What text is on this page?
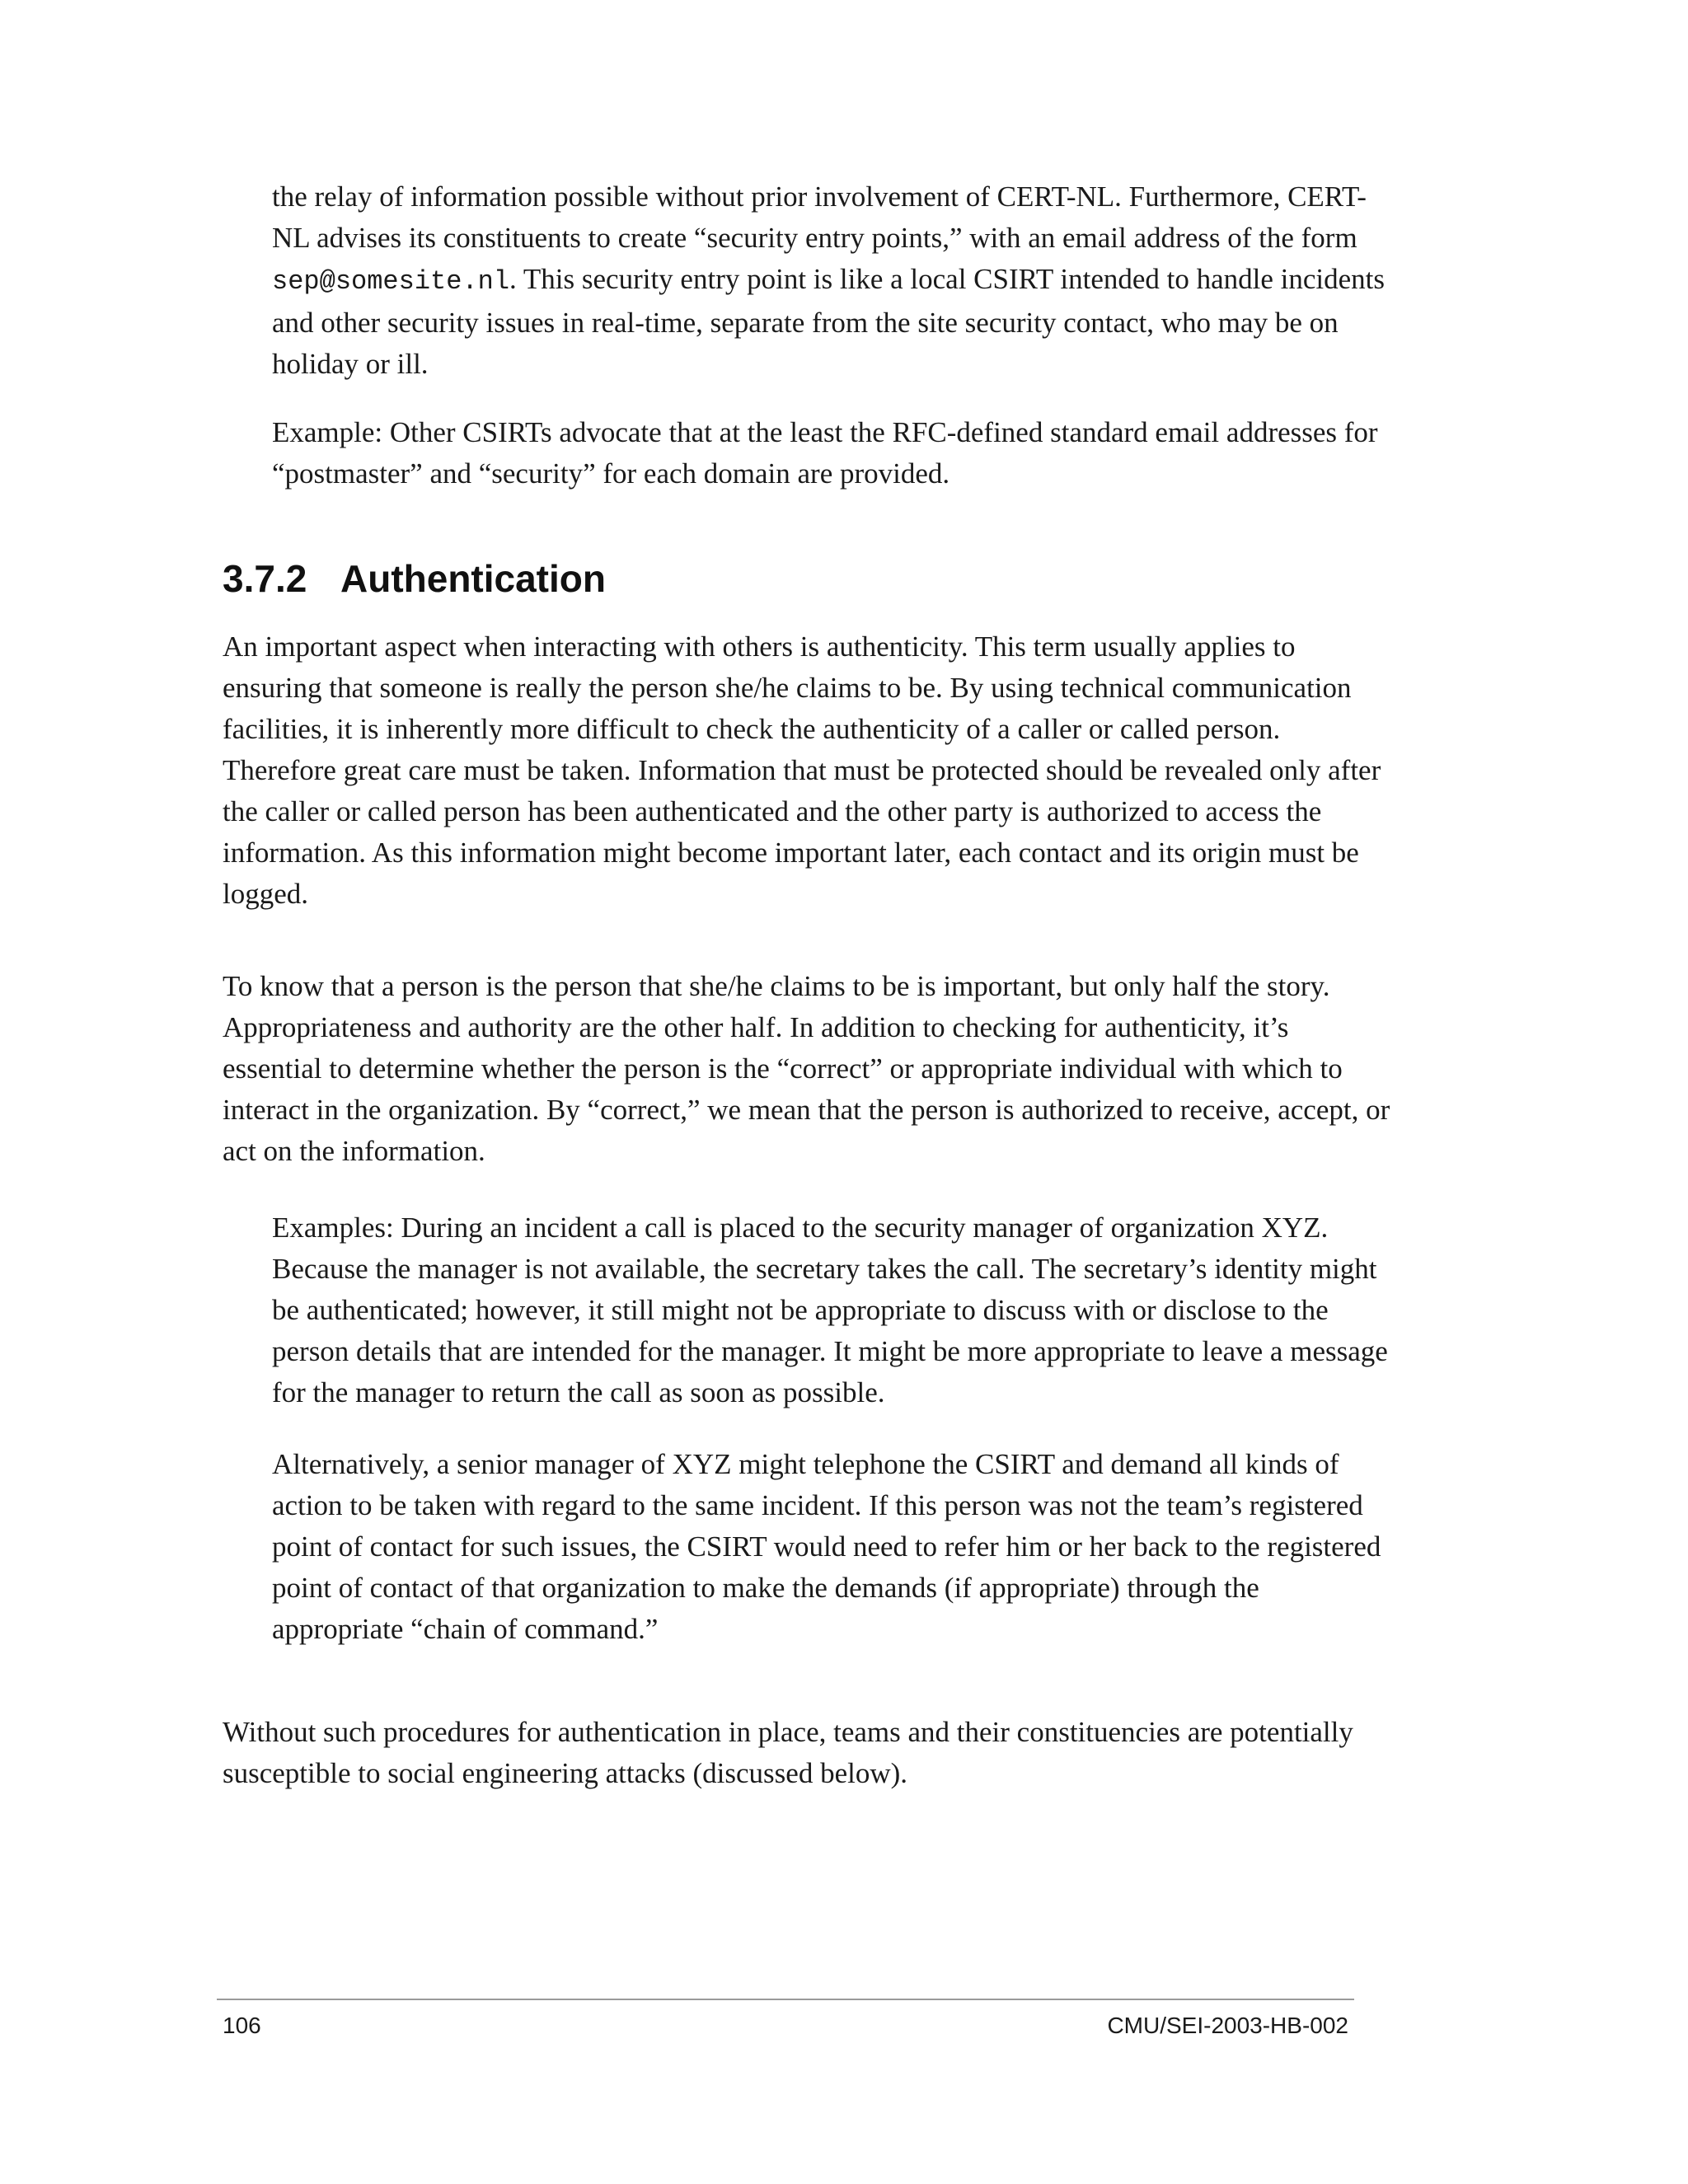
the relay of information possible without prior involvement of CERT-NL. Furthermore, CERT-NL advises its constituents to create “security entry points,” with an email address of the form sep@somesite.nl. This security entry point is like a local CSIRT intended to handle incidents and other security issues in real-time, separate from the site security contact, who may be on holiday or ill.

Example: Other CSIRTs advocate that at the least the RFC-defined standard email addresses for “postmaster” and “security” for each domain are provided.

3.7.2 Authentication

An important aspect when interacting with others is authenticity. This term usually applies to ensuring that someone is really the person she/he claims to be. By using technical communication facilities, it is inherently more difficult to check the authenticity of a caller or called person. Therefore great care must be taken. Information that must be protected should be revealed only after the caller or called person has been authenticated and the other party is authorized to access the information. As this information might become important later, each contact and its origin must be logged.

To know that a person is the person that she/he claims to be is important, but only half the story. Appropriateness and authority are the other half. In addition to checking for authenticity, it’s essential to determine whether the person is the “correct” or appropriate individual with which to interact in the organization. By “correct,” we mean that the person is authorized to receive, accept, or act on the information.

Examples: During an incident a call is placed to the security manager of organization XYZ. Because the manager is not available, the secretary takes the call. The secretary’s identity might be authenticated; however, it still might not be appropriate to discuss with or disclose to the person details that are intended for the manager. It might be more appropriate to leave a message for the manager to return the call as soon as possible.

Alternatively, a senior manager of XYZ might telephone the CSIRT and demand all kinds of action to be taken with regard to the same incident. If this person was not the team’s registered point of contact for such issues, the CSIRT would need to refer him or her back to the registered point of contact of that organization to make the demands (if appropriate) through the appropriate “chain of command.”

Without such procedures for authentication in place, teams and their constituencies are potentially susceptible to social engineering attacks (discussed below).

106	CMU/SEI-2003-HB-002
